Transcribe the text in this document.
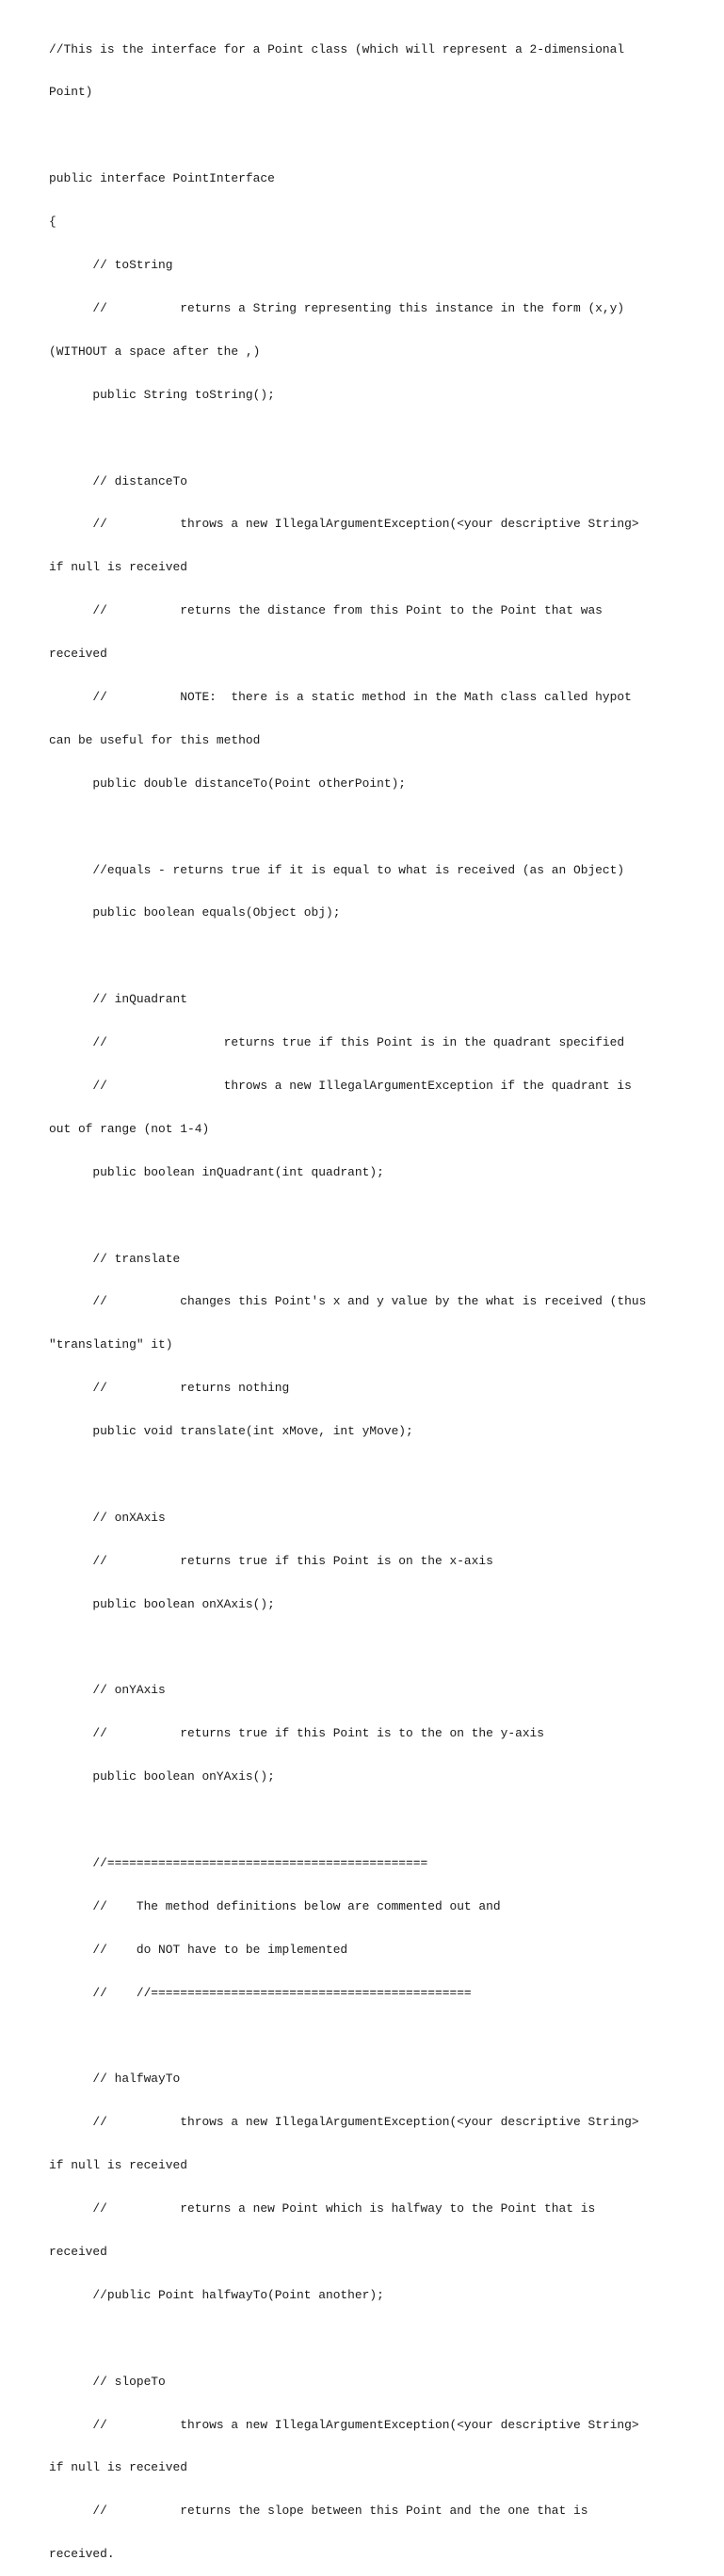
//This is the interface for a Point class (which will represent a 2-dimensional

Point)

public interface PointInterface

{

// toString

//          returns a String representing this instance in the form (x,y)

(WITHOUT a space after the ,)

public String toString();

// distanceTo

//          throws a new IllegalArgumentException(<your descriptive String>

if null is received

//          returns the distance from this Point to the Point that was

received

//          NOTE:  there is a static method in the Math class called hypot

can be useful for this method

public double distanceTo(Point otherPoint);

//equals - returns true if it is equal to what is received (as an Object)

public boolean equals(Object obj);

// inQuadrant

//                returns true if this Point is in the quadrant specified

//                throws a new IllegalArgumentException if the quadrant is

out of range (not 1-4)

public boolean inQuadrant(int quadrant);

// translate

//          changes this Point's x and y value by the what is received (thus

"translating" it)

//          returns nothing

public void translate(int xMove, int yMove);

// onXAxis

//          returns true if this Point is on the x-axis

public boolean onXAxis();

// onYAxis

//          returns true if this Point is to the on the y-axis

public boolean onYAxis();

//============================================

//    The method definitions below are commented out and

//    do NOT have to be implemented

//    //============================================

// halfwayTo

//          throws a new IllegalArgumentException(<your descriptive String>

if null is received

//          returns a new Point which is halfway to the Point that is

received

//public Point halfwayTo(Point another);

// slopeTo

//          throws a new IllegalArgumentException(<your descriptive String>

if null is received

//          returns the slope between this Point and the one that is

received.
